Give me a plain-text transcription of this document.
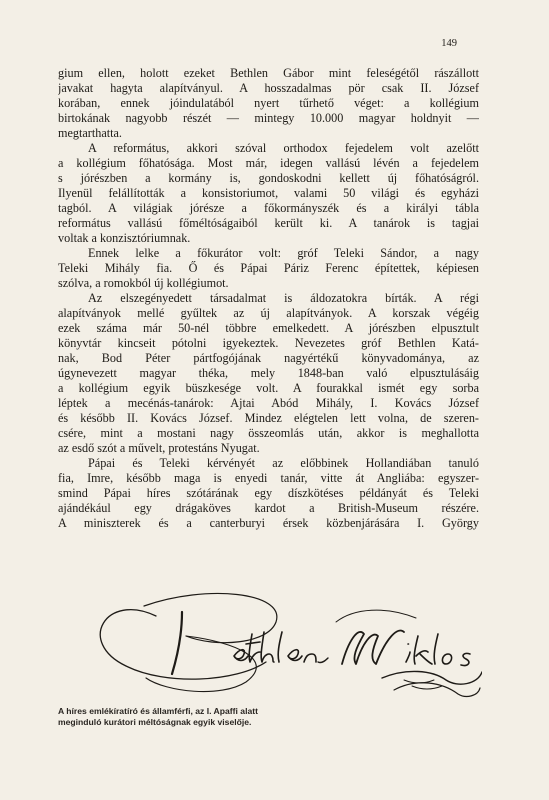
149
gium ellen, holott ezeket Bethlen Gábor mint feleségétől rászállott
javakat hagyta alapítványul. A hosszadalmas pör csak II. József
korában, ennek jóindulatából nyert tűrhető véget: a kollégium
birtokának nagyobb részét — mintegy 10.000 magyar holdnyit —
megtarthatta.
A református, akkori szóval orthodox fejedelem volt azelőtt
a kollégium főhatósága. Most már, idegen vallású lévén a fejedelem
s jórészben a kormány is, gondoskodni kellett új főhatóságról.
Ilyenül felállították a konsistoriumot, valami 50 világi és egyházi
tagból. A világiak jórésze a főkormányszék és a királyi tábla
református vallású főméltóságaiból került ki. A tanárok is tagjai
voltak a konzisztóriumnak.
Ennek lelke a főkurátor volt: gróf Teleki Sándor, a nagy
Teleki Mihály fia. Ő és Pápai Páriz Ferenc építettek, képiesen
szólva, a romokból új kollégiumot.
Az elszegényedett társadalmat is áldozatokra bírták. A régi
alapítványok mellé gyűltek az új alapítványok. A korszak végéig
ezek száma már 50-nél többre emelkedett. A jórészben elpusztult
könyvtár kincseit pótolni igyekeztek. Nevezetes gróf Bethlen Katá-
nak, Bod Péter pártfogójának nagyértékű könyvadománya, az
úgynevezett magyar théka, mely 1848-ban való elpusztulásáig
a kollégium egyik büszkesége volt. A fourakkal ismét egy sorba
léptek a mecénás-tanárok: Ajtai Abód Mihály, I. Kovács József
és később II. Kovács József. Mindez elégtelen lett volna, de szeren-
csére, mint a mostani nagy összeomlás után, akkor is meghallotta
az esdő szót a művelt, protestáns Nyugat.
Pápai és Teleki kérvényét az előbbinek Hollandiában tanuló
fia, Imre, később maga is enyedi tanár, vitte át Angliába: egyszer-
smind Pápai híres szótárának egy díszkötéses példányát és Teleki
ajándékául egy drágaköves kardot a British-Museum részére.
A miniszterek és a canterburyi érsek közbenjárására I. György
A híres emlékíratíró és államférfi, az I. Apaffi alatt
meginduló kurátori méltóságnak egyik viselője.
